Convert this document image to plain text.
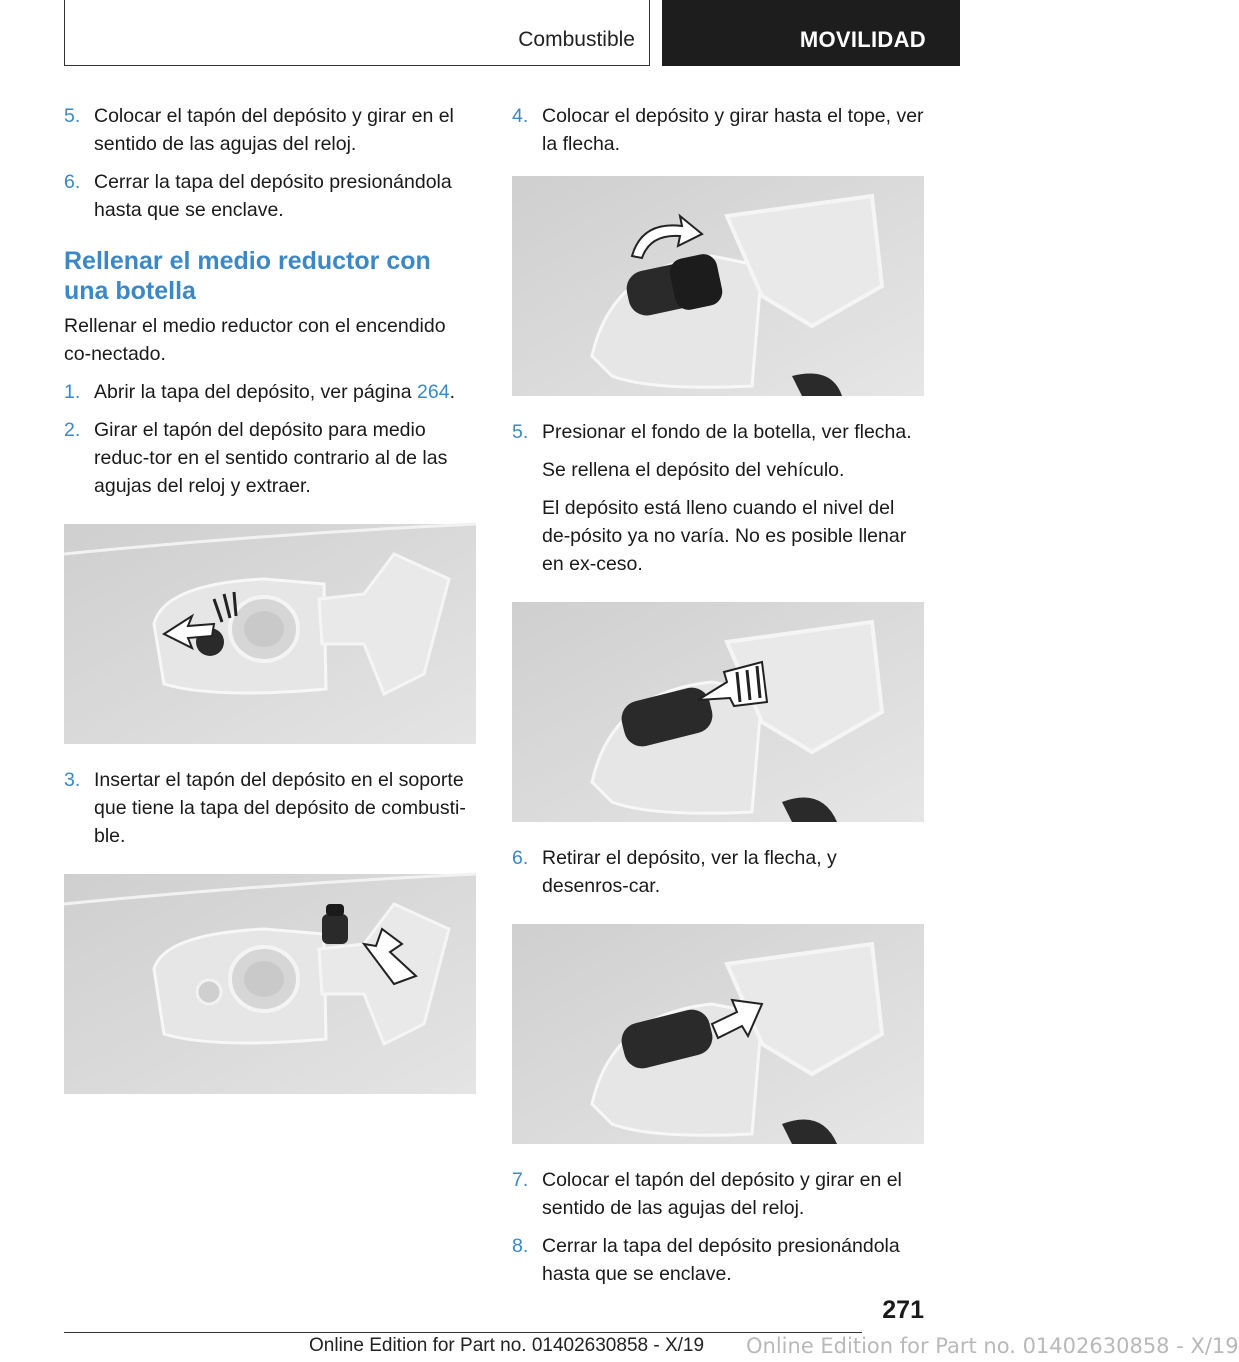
Combustible	MOVILIDAD
5. Colocar el tapón del depósito y girar en el sentido de las agujas del reloj.
6. Cerrar la tapa del depósito presionándola hasta que se enclave.
Rellenar el medio reductor con una botella
Rellenar el medio reductor con el encendido co‐nectado.
1. Abrir la tapa del depósito, ver página 264.
2. Girar el tapón del depósito para medio reduc‐tor en el sentido contrario al de las agujas del reloj y extraer.
3. Insertar el tapón del depósito en el soporte que tiene la tapa del depósito de combusti‐ble.
4. Colocar el depósito y girar hasta el tope, ver la flecha.
5. Presionar el fondo de la botella, ver flecha.
Se rellena el depósito del vehículo.
El depósito está lleno cuando el nivel del de‐pósito ya no varía. No es posible llenar en ex‐ceso.
6. Retirar el depósito, ver la flecha, y desenros‐car.
7. Colocar el tapón del depósito y girar en el sentido de las agujas del reloj.
8. Cerrar la tapa del depósito presionándola hasta que se enclave.
271
Online Edition for Part no. 01402630858 - X/19 Online Edition for Part no. 01402630858 - X/19
